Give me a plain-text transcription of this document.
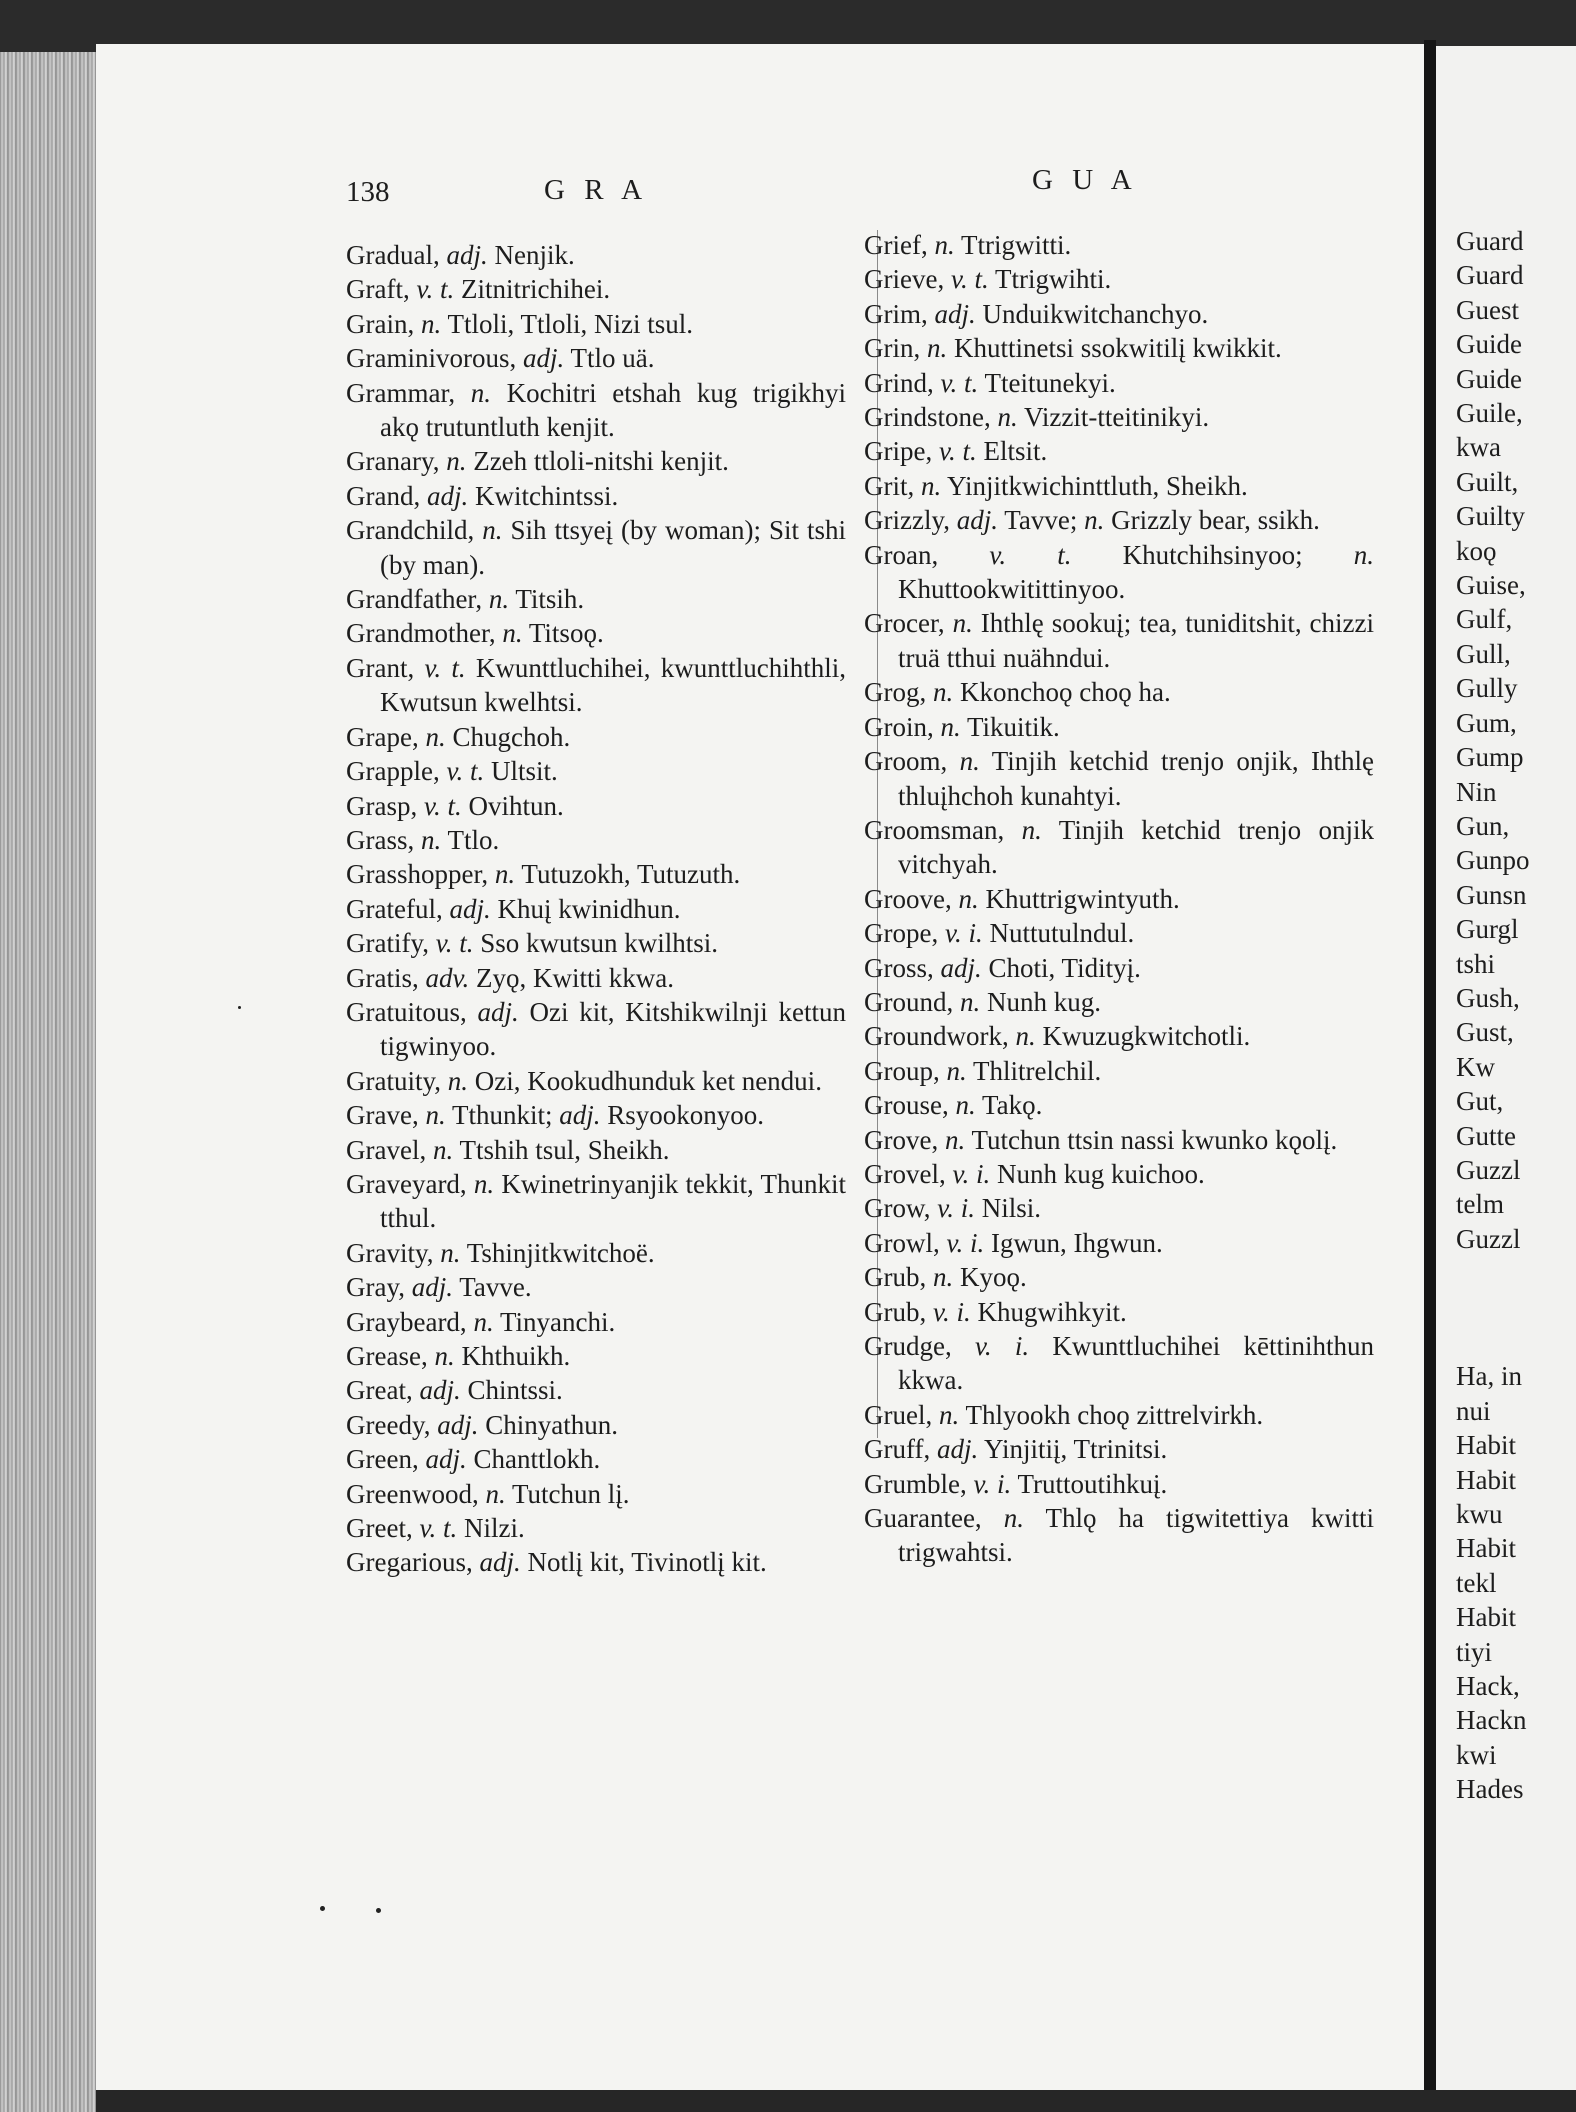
138	G R A	G U A
Gradual, adj. Nenjik.
Graft, v. t. Zitnitrichihei.
Grain, n. Ttloli, Ttloli, Nizi tsul.
Graminivorous, adj. Ttlo uä.
Grammar, n. Kochitri etshah kug trigikhyi akǫ trutuntluth kenjit.
Granary, n. Zzeh ttloli-nitshi kenjit.
Grand, adj. Kwitchintssi.
Grandchild, n. Sih ttsyeį (by woman); Sit tshi (by man).
Grandfather, n. Titsih.
Grandmother, n. Titsoǫ.
Grant, v. t. Kwunttluchihei, kwunttluchihthli, Kwutsun kwelhtsi.
Grape, n. Chugchoh.
Grapple, v. t. Ultsit.
Grasp, v. t. Ovihtun.
Grass, n. Ttlo.
Grasshopper, n. Tutuzokh, Tutuzuth.
Grateful, adj. Khuį kwinidhun.
Gratify, v. t. Sso kwutsun kwilhtsi.
Gratis, adv. Zyǫ, Kwitti kkwa.
Gratuitous, adj. Ozi kit, Kitshikwilnji kettun tigwinyoo.
Gratuity, n. Ozi, Kookudhunduk ket nendui.
Grave, n. Tthunkit; adj. Rsyookonyoo.
Gravel, n. Ttshih tsul, Sheikh.
Graveyard, n. Kwinetrinyanjik tekkit, Thunkit tthul.
Gravity, n. Tshinjitkwitchoë.
Gray, adj. Tavve.
Graybeard, n. Tinyanchi.
Grease, n. Khthuikh.
Great, adj. Chintssi.
Greedy, adj. Chinyathun.
Green, adj. Chanttlokh.
Greenwood, n. Tutchun lį.
Greet, v. t. Nilzi.
Gregarious, adj. Notlį kit, Tivinotlį kit.
Grief, n. Ttrigwitti.
Grieve, v. t. Ttrigwihti.
Grim, adj. Unduikwitchanchyo.
Grin, n. Khuttinetsi ssokwitilį kwikkit.
Grind, v. t. Tteitunekyi.
Grindstone, n. Vizzit-tteitinikyi.
Gripe, v. t. Eltsit.
Grit, n. Yinjitkwichinttluth, Sheikh.
Grizzly, adj. Tavve; n. Grizzly bear, ssikh.
Groan, v. t. Khutchihsinyoo; n. Khuttookwitittinyoo.
Grocer, n. Ihthlę sookuį; tea, tuniditshit, chizzi truä tthui nuähndui.
Grog, n. Kkonchoǫ choǫ ha.
Groin, n. Tikuitik.
Groom, n. Tinjih ketchid trenjo onjik, Ihthlę thluįhchoh kunahtyi.
Groomsman, n. Tinjih ketchid trenjo onjik vitchyah.
Groove, n. Khuttrigwintyuth.
Grope, v. i. Nuttutulndul.
Gross, adj. Choti, Tidityį.
Ground, n. Nunh kug.
Groundwork, n. Kwuzugkwitchotli.
Group, n. Thlitrelchil.
Grouse, n. Takǫ.
Grove, n. Tutchun ttsin nassi kwunko kǫolį.
Grovel, v. i. Nunh kug kuichoo.
Grow, v. i. Nilsi.
Growl, v. i. Igwun, Ihgwun.
Grub, n. Kyoǫ.
Grub, v. i. Khugwihkyit.
Grudge, v. i. Kwunttluchihei kēttinihthun kkwa.
Gruel, n. Thlyookh choǫ zittrelvirkh.
Gruff, adj. Yinjitiį, Ttrinitsi.
Grumble, v. i. Truttoutihkuį.
Guarantee, n. Thlǫ ha tigwitettiya kwitti trigwahtsi.
Guard
Guard
Guest
Guide
Guide
Guile,
kwa
Guilt,
Guilty
koǫ
Guise,
Gulf,
Gull,
Gully
Gum,
Gump
Nin
Gun,
Gunpo
Gunsn
Gurgl
tshi
Gush,
Gust,
Kw
Gut,
Gutte
Guzzl
telm
Guzzl

Ha, in
nui
Habit
Habit
kwu
Habit
tekl
Habit
tiyi
Hack,
Hackn
kwi
Hades
